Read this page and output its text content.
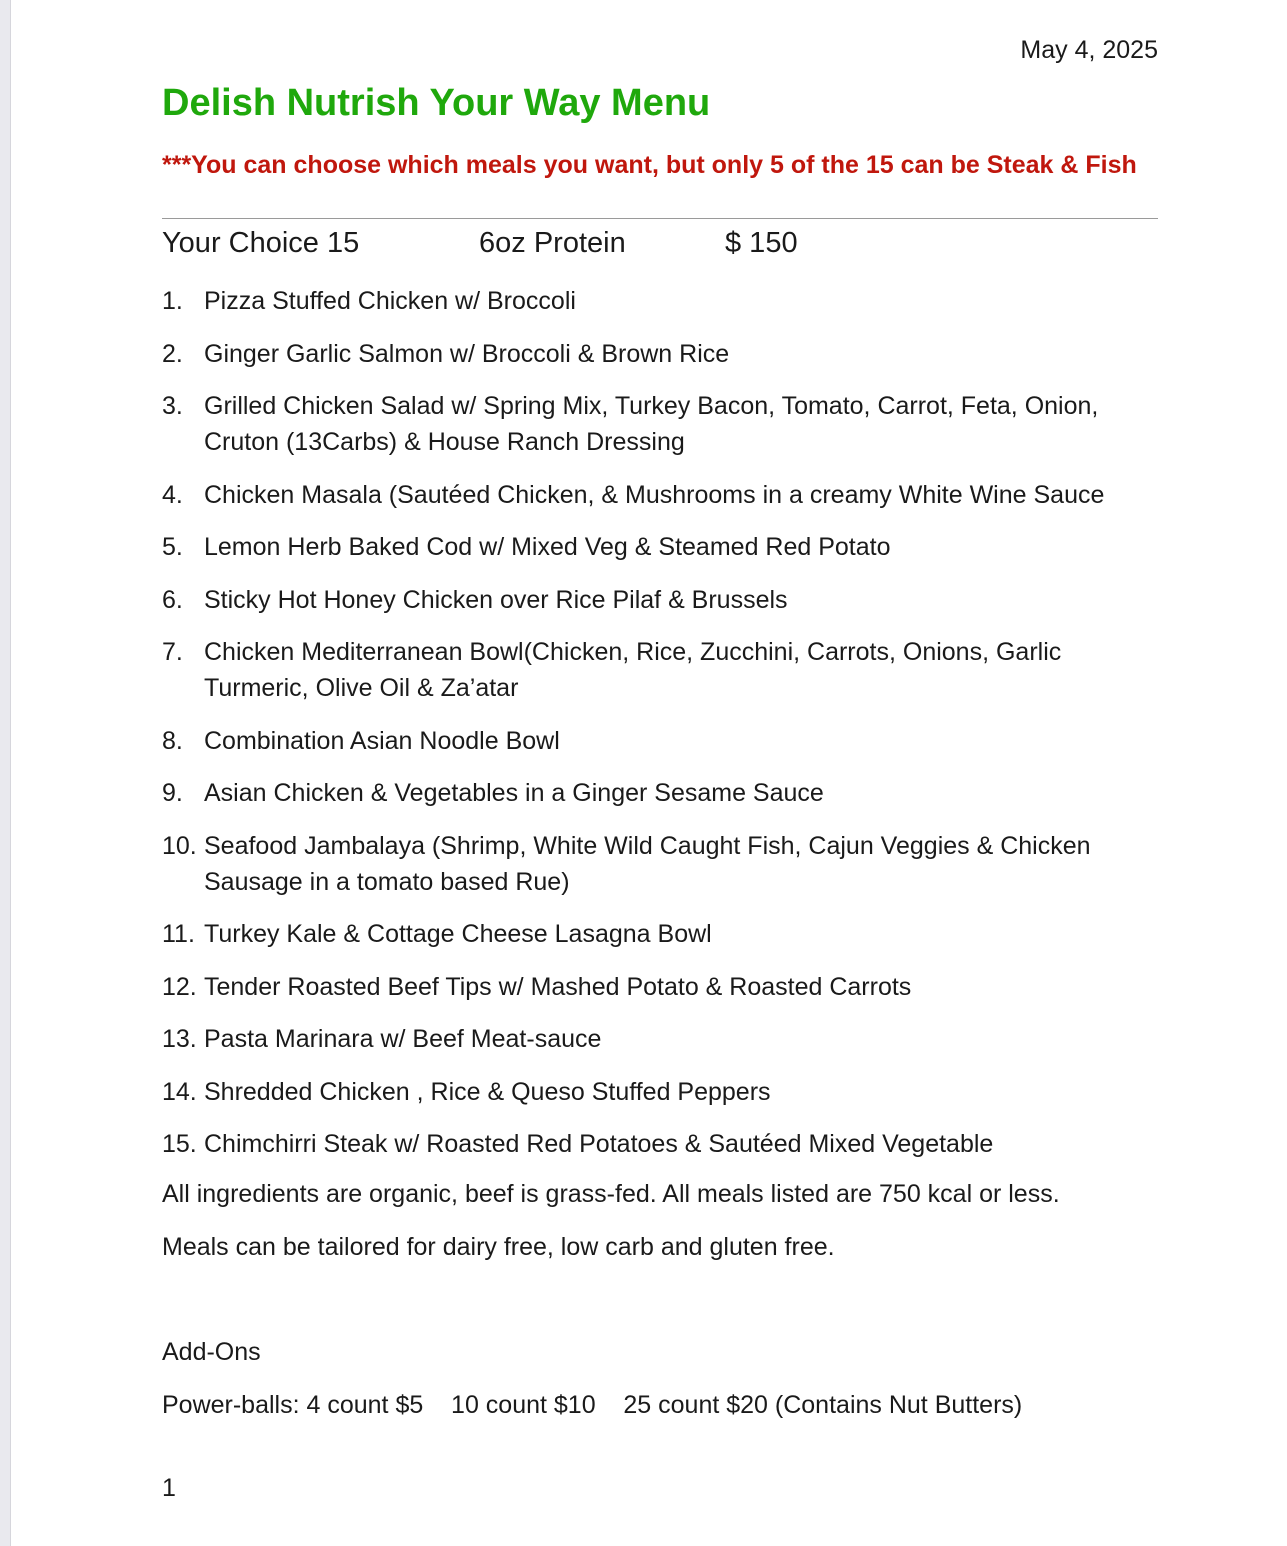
May 4, 2025
Delish Nutrish Your Way Menu
***You can choose which meals you want, but only 5 of the 15 can be Steak & Fish
Your Choice 15	6oz Protein	$ 150
1. Pizza Stuffed Chicken w/ Broccoli
2. Ginger Garlic Salmon w/ Broccoli & Brown Rice
3. Grilled Chicken Salad w/ Spring Mix, Turkey Bacon, Tomato, Carrot, Feta, Onion, Cruton (13Carbs) & House Ranch Dressing
4. Chicken Masala (Sautéed Chicken, & Mushrooms in a creamy White Wine Sauce
5. Lemon Herb Baked Cod w/ Mixed Veg & Steamed Red Potato
6. Sticky Hot Honey Chicken over Rice Pilaf & Brussels
7. Chicken Mediterranean Bowl(Chicken, Rice, Zucchini, Carrots, Onions, Garlic Turmeric, Olive Oil & Za’atar
8. Combination Asian Noodle Bowl
9. Asian Chicken & Vegetables in a Ginger Sesame Sauce
10. Seafood Jambalaya (Shrimp, White Wild Caught Fish, Cajun Veggies & Chicken Sausage in a tomato based Rue)
11. Turkey Kale & Cottage Cheese Lasagna Bowl
12. Tender Roasted Beef Tips w/ Mashed Potato & Roasted Carrots
13. Pasta Marinara w/ Beef Meat-sauce
14. Shredded Chicken , Rice & Queso Stuffed Peppers
15. Chimchirri Steak w/ Roasted Red Potatoes & Sautéed Mixed Vegetable
All ingredients are organic, beef is grass-fed. All meals listed are 750 kcal or less.
Meals can be tailored for dairy free, low carb and gluten free.
Add-Ons
Power-balls: 4 count $5    10 count $10    25 count $20 (Contains Nut Butters)
1
